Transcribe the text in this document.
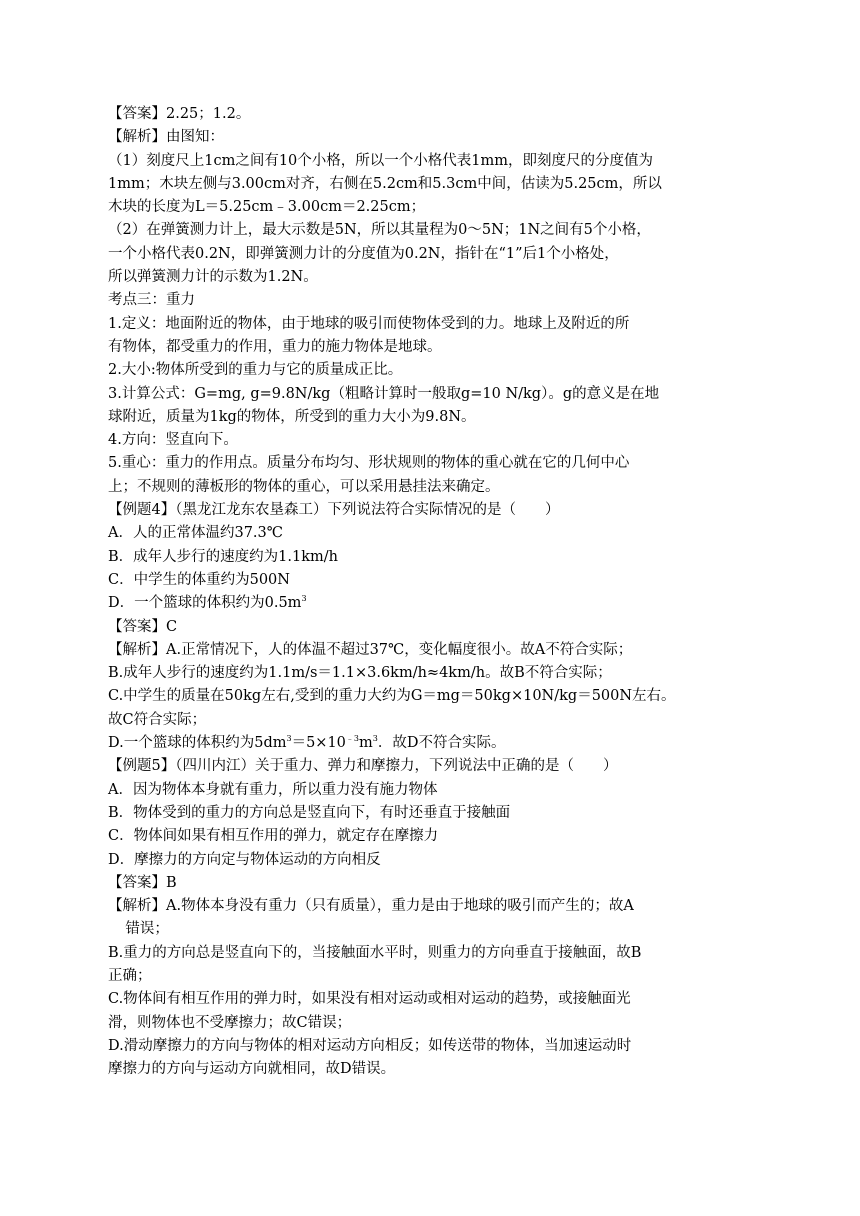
【答案】2.25；1.2。
【解析】由图知：
（1）刻度尺上1cm之间有10个小格，所以一个小格代表1mm，即刻度尺的分度值为
1mm；木块左侧与3.00cm对齐，右侧在5.2cm和5.3cm中间，估读为5.25cm，所以
木块的长度为L＝5.25cm﹣3.00cm＝2.25cm；
（2）在弹簧测力计上，最大示数是5N，所以其量程为0～5N；1N之间有5个小格，
一个小格代表0.2N，即弹簧测力计的分度值为0.2N，指针在“1”后1个小格处，
所以弹簧测力计的示数为1.2N。
考点三：重力
1.定义：地面附近的物体，由于地球的吸引而使物体受到的力。地球上及附近的所
有物体，都受重力的作用，重力的施力物体是地球。
2.大小:物体所受到的重力与它的质量成正比。
3.计算公式：G=mg, g=9.8N/kg（粗略计算时一般取g=10 N/kg）。g的意义是在地
球附近，质量为1kg的物体，所受到的重力大小为9.8N。
4.方向：竖直向下。
5.重心：重力的作用点。质量分布均匀、形状规则的物体的重心就在它的几何中心
上；不规则的薄板形的物体的重心，可以采用悬挂法来确定。
【例题4】（黑龙江龙东农垦森工）下列说法符合实际情况的是（　　）
A．人的正常体温约37.3℃
B．成年人步行的速度约为1.1km/h
C．中学生的体重约为500N
D．一个篮球的体积约为$0.5m^3$
【答案】C
【解析】A.正常情况下，人的体温不超过37℃，变化幅度很小。故A不符合实际；
B.成年人步行的速度约为1.1m/s＝1.1×3.6km/h≈4km/h。故B不符合实际；
C.中学生的质量在50kg左右,受到的重力大约为G＝mg＝50kg×10N/kg＝500N左右。
故C符合实际；
D.一个篮球的体积约为$5dm^3=5\times 10^{﹣3}m^3$．故D不符合实际。
【例题5】（四川内江）关于重力、弹力和摩擦力，下列说法中正确的是（　　）
A．因为物体本身就有重力，所以重力没有施力物体
B．物体受到的重力的方向总是竖直向下，有时还垂直于接触面
C．物体间如果有相互作用的弹力，就定存在摩擦力
D．摩擦力的方向定与物体运动的方向相反
【答案】B
【解析】A.物体本身没有重力（只有质量），重力是由于地球的吸引而产生的；故A
错误；
B.重力的方向总是竖直向下的，当接触面水平时，则重力的方向垂直于接触面，故B
正确；
C.物体间有相互作用的弹力时，如果没有相对运动或相对运动的趋势，或接触面光
滑，则物体也不受摩擦力；故C错误；
D.滑动摩擦力的方向与物体的相对运动方向相反；如传送带的物体，当加速运动时
摩擦力的方向与运动方向就相同，故D错误。
